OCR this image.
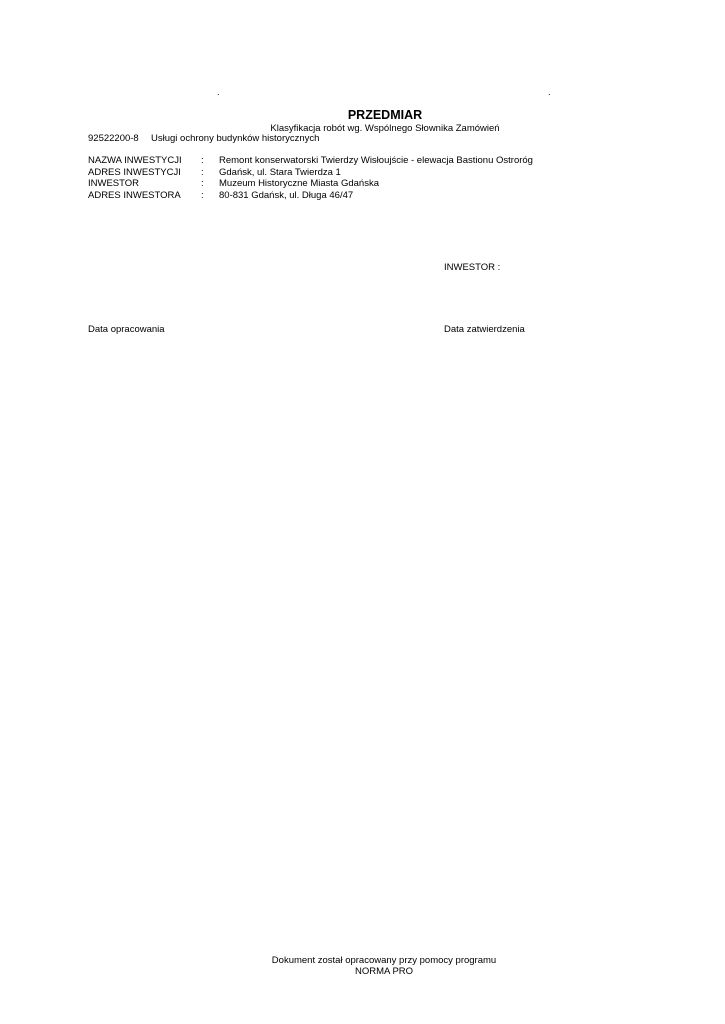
.	.
PRZEDMIAR
Klasyfikacja robót wg. Wspólnego Słownika Zamówień
92522200-8 Usługi ochrony budynków historycznych
NAZWA INWESTYCJI : Remont konserwatorski Twierdzy Wisłoujście - elewacja Bastionu Ostroróg
ADRES INWESTYCJI : Gdańsk, ul. Stara Twierdza 1
INWESTOR	: Muzeum Historyczne Miasta Gdańska
ADRES INWESTORA : 80-831 Gdańsk, ul. Długa 46/47
INWESTOR :
Data opracowania	Data zatwierdzenia
Dokument został opracowany przy pomocy programu
NORMA PRO
